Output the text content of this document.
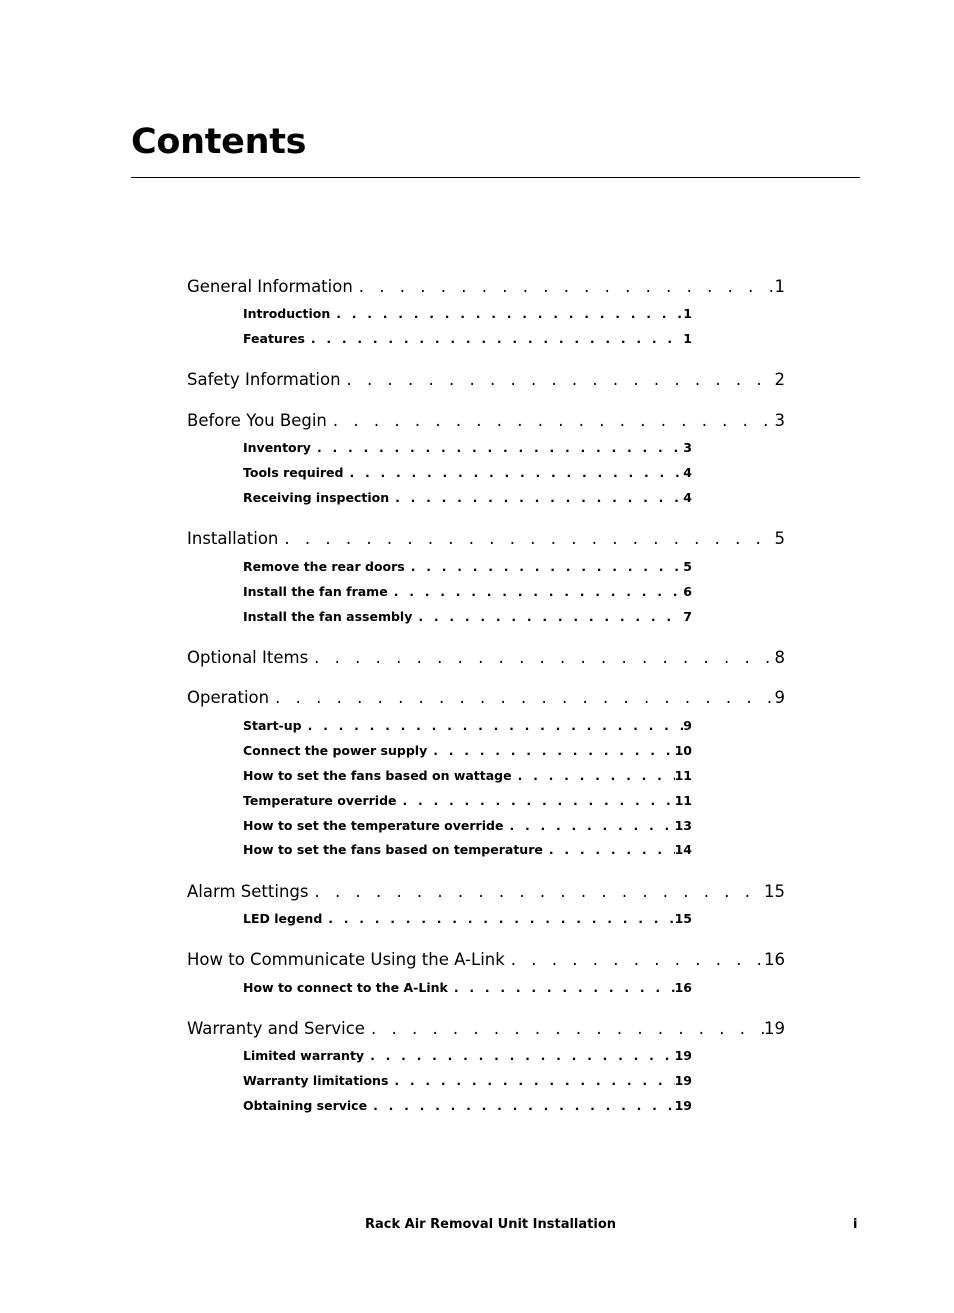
Contents
General Information . . .	1
Introduction . . .	1
Features . . .	1
Safety Information . . .	2
Before You Begin . . .	3
Inventory . . .	3
Tools required . . .	4
Receiving inspection . . .	4
Installation . . .	5
Remove the rear doors . . .	5
Install the fan frame . . .	6
Install the fan assembly . . .	7
Optional Items . . .	8
Operation . . .	9
Start-up . . .	9
Connect the power supply . . .	10
How to set the fans based on wattage . . .	11
Temperature override . . .	11
How to set the temperature override . . .	13
How to set the fans based on temperature . . .	14
Alarm Settings . . .	15
LED legend . . .	15
How to Communicate Using the A-Link . . .	16
How to connect to the A-Link . . .	16
Warranty and Service . . .	19
Limited warranty . . .	19
Warranty limitations . . .	19
Obtaining service . . .	19
Rack Air Removal Unit Installation	i
